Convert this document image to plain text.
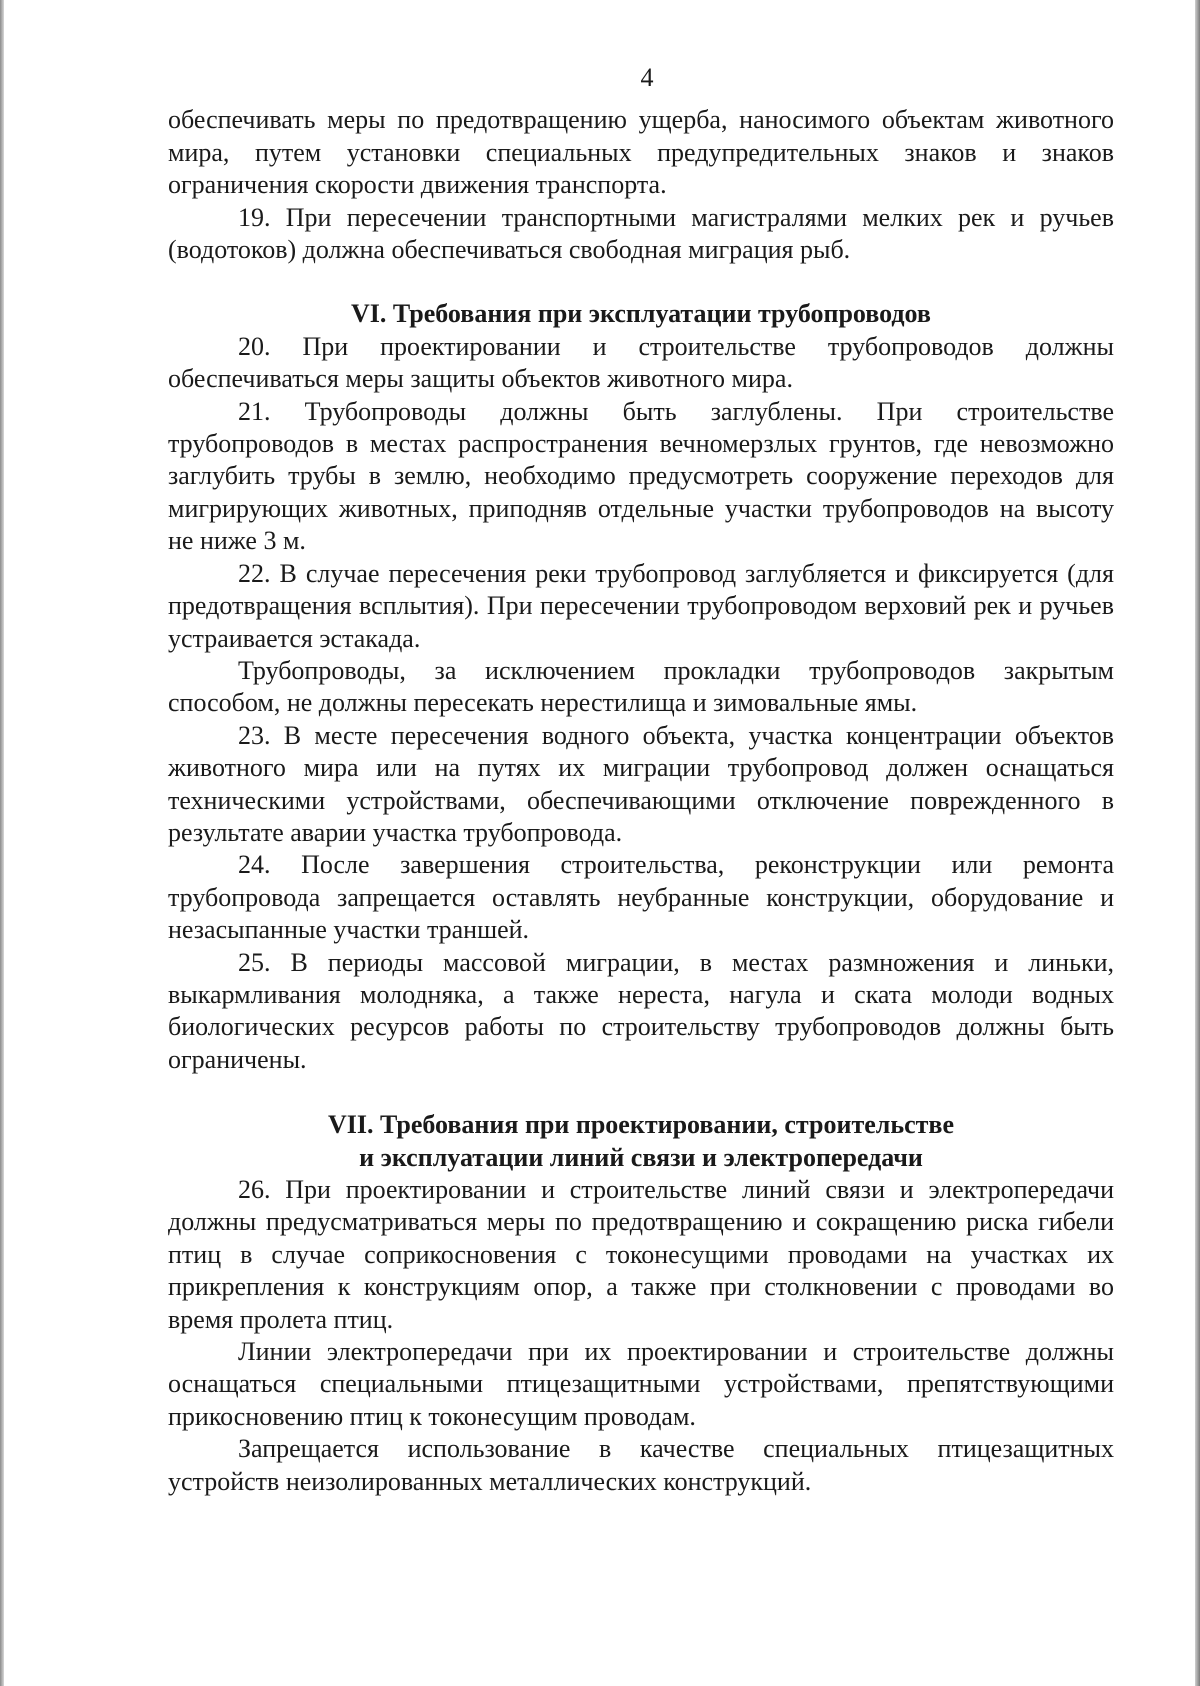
4

обеспечивать меры по предотвращению ущерба, наносимого объектам животного мира, путем установки специальных предупредительных знаков и знаков ограничения скорости движения транспорта.

19. При пересечении транспортными магистралями мелких рек и ручьев (водотоков) должна обеспечиваться свободная миграция рыб.

VI. Требования при эксплуатации трубопроводов

20. При проектировании и строительстве трубопроводов должны обеспечиваться меры защиты объектов животного мира.

21. Трубопроводы должны быть заглублены. При строительстве трубопроводов в местах распространения вечномерзлых грунтов, где невозможно заглубить трубы в землю, необходимо предусмотреть сооружение переходов для мигрирующих животных, приподняв отдельные участки трубопроводов на высоту не ниже 3 м.

22. В случае пересечения реки трубопровод заглубляется и фиксируется (для предотвращения всплытия). При пересечении трубопроводом верховий рек и ручьев устраивается эстакада.

Трубопроводы, за исключением прокладки трубопроводов закрытым способом, не должны пересекать нерестилища и зимовальные ямы.

23. В месте пересечения водного объекта, участка концентрации объектов животного мира или на путях их миграции трубопровод должен оснащаться техническими устройствами, обеспечивающими отключение поврежденного в результате аварии участка трубопровода.

24. После завершения строительства, реконструкции или ремонта трубопровода запрещается оставлять неубранные конструкции, оборудование и незасыпанные участки траншей.

25. В периоды массовой миграции, в местах размножения и линьки, выкармливания молодняка, а также нереста, нагула и ската молоди водных биологических ресурсов работы по строительству трубопроводов должны быть ограничены.

VII. Требования при проектировании, строительстве
и эксплуатации линий связи и электропередачи

26. При проектировании и строительстве линий связи и электропередачи должны предусматриваться меры по предотвращению и сокращению риска гибели птиц в случае соприкосновения с токонесущими проводами на участках их прикрепления к конструкциям опор, а также при столкновении с проводами во время пролета птиц.

Линии электропередачи при их проектировании и строительстве должны оснащаться специальными птицезащитными устройствами, препятствующими прикосновению птиц к токонесущим проводам.

Запрещается использование в качестве специальных птицезащитных устройств неизолированных металлических конструкций.
